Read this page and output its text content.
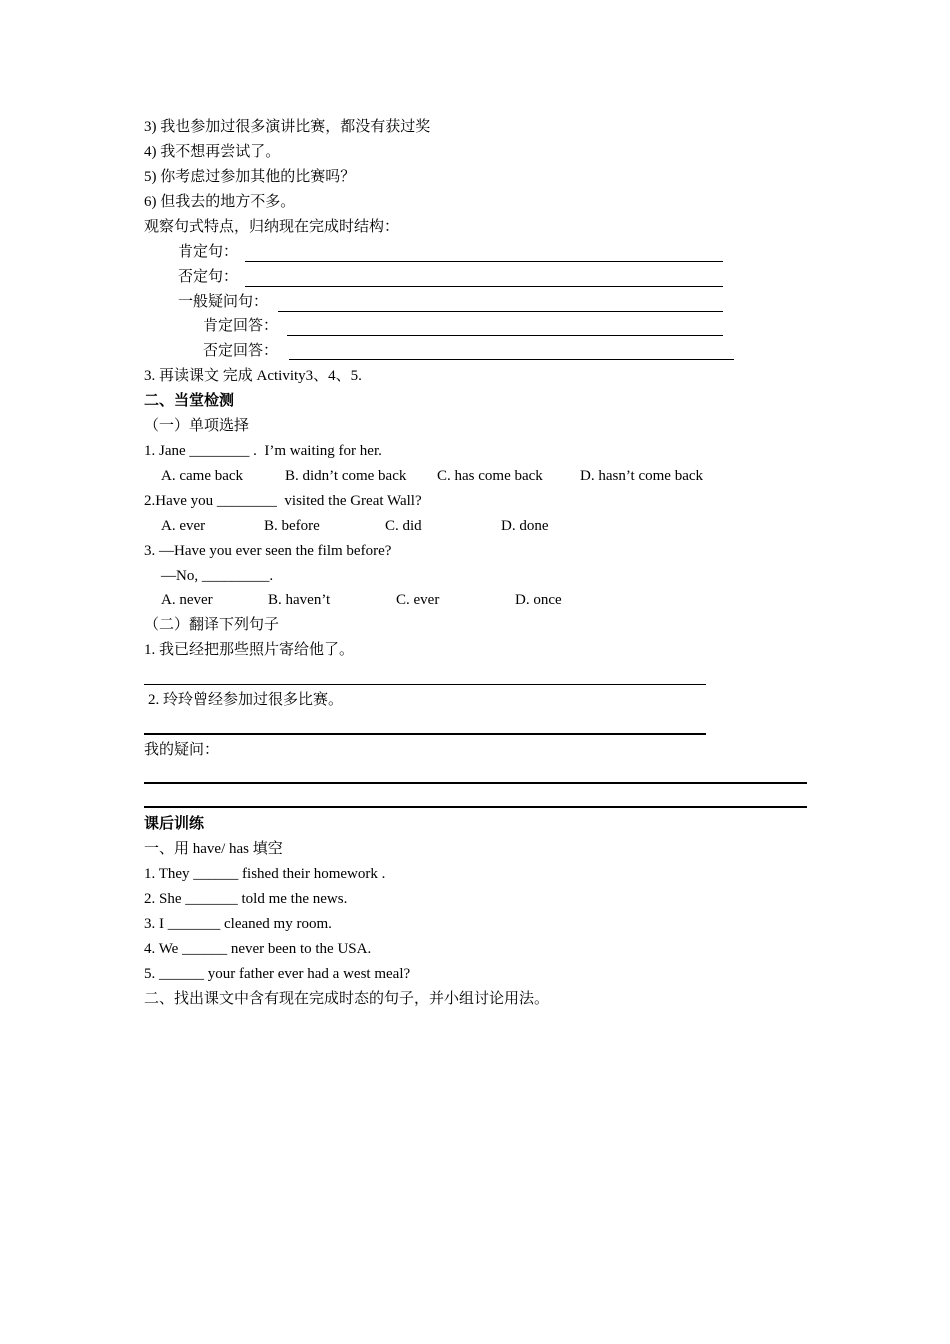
3) 我也参加过很多演讲比赛，都没有获过奖
4) 我不想再尝试了。
5) 你考虑过参加其他的比赛吗？
6) 但我去的地方不多。
观察句式特点，归纳现在完成时结构：
肯定句：
否定句：
一般疑问句：
肯定回答：
否定回答：
3. 再读课文 完成 Activity3、4、5.
二、当堂检测
（一）单项选择
1. Jane ________ .  I’m waiting for her.
A. came back	B. didn’t come back C. has come back D. hasn’t come back
2.Have you ________  visited the Great Wall?
A. ever	B. before	C. did	D. done
3. —Have you ever seen the film before?
—No, _________.
A. never	B. haven’t	C. ever	D. once
（二）翻译下列句子
1. 我已经把那些照片寄给他了。
2. 玲玲曾经参加过很多比赛。
我的疑问：
课后训练
一、用 have/ has 填空
1. They ______ fished their homework .
2. She _______ told me the news.
3. I _______ cleaned my room.
4. We ______ never been to the USA.
5. ______ your father ever had a west meal?
二、找出课文中含有现在完成时态的句子，并小组讨论用法。
